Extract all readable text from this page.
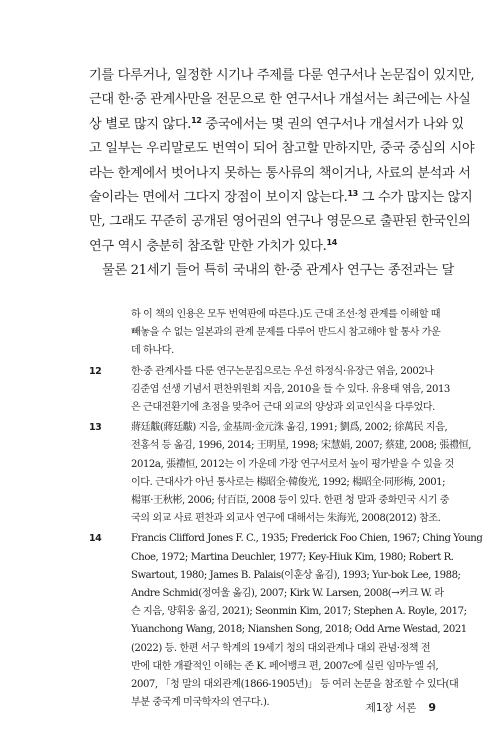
기를 다루거나, 일정한 시기나 주제를 다룬 연구서나 논문집이 있지만,
근대 한·중 관계사만을 전문으로 한 연구서나 개설서는 최근에는 사실
상 별로 많지 않다.$^{12}$ 중국에서는 몇 권의 연구서나 개설서가 나와 있
고 일부는 우리말로도 번역이 되어 참고할 만하지만, 중국 중심의 시야
라는 한계에서 벗어나지 못하는 통사류의 책이거나, 사료의 분석과 서
술이라는 면에서 그다지 장점이 보이지 않는다.$^{13}$ 그 수가 많지는 않지
만, 그래도 꾸준히 공개된 영어권의 연구나 영문으로 출판된 한국인의
연구 역시 충분히 참조할 만한 가치가 있다.$^{14}$
물론 21세기 들어 특히 국내의 한·중 관계사 연구는 종전과는 달
하 이 책의 인용은 모두 번역판에 따른다.)도 근대 조선·청 관계를 이해할 때
빼놓을 수 없는 일본과의 관계 문제를 다루어 반드시 참고해야 할 통사 가운
데 하나다.
12	한·중 관계사를 다룬 연구논문집으로는 우선 하정식·유장근 엮음, 2002나
김준엽 선생 기념서 편찬위원회 지음, 2010을 들 수 있다. 유용태 엮음, 2013
은 근대전환기에 초점을 맞추어 근대 외교의 양상과 외교인식을 다루었다.
13	蔣廷黻(蔣廷黻) 지음, 金基周·金元洙 옮김, 1991; 劉爲, 2002; 徐萬民 지음,
전홍석 등 옮김, 1996, 2014; 王明星, 1998; 宋慧娟, 2007; 蔡建, 2008; 張禮恒,
2012a, 張禮恒, 2012는 이 가운데 가장 연구서로서 높이 평가받을 수 있을 것
이다. 근대사가 아닌 통사로는 楊昭全·韓俊光, 1992; 楊昭全·同形梅, 2001;
楊軍·王秋彬, 2006; 付百臣, 2008 등이 있다. 한편 청 말과 중화민국 시기 중
국의 외교 사료 편찬과 외교사 연구에 대해서는 朱海光, 2008(2012) 참조.
14	Francis Clifford Jones F. C., 1935; Frederick Foo Chien, 1967; Ching Young
Choe, 1972; Martina Deuchler, 1977; Key-Hiuk Kim, 1980; Robert R.
Swartout, 1980; James B. Palais(이훈상 옮김), 1993; Yur-bok Lee, 1988;
Andre Schmid(정여울 옮김), 2007; Kirk W. Larsen, 2008(→커크 W. 라
슨 지음, 양휘웅 옮김, 2021); Seonmin Kim, 2017; Stephen A. Royle, 2017;
Yuanchong Wang, 2018; Nianshen Song, 2018; Odd Arne Westad, 2021
(2022) 등. 한편 서구 학계의 19세기 청의 대외관계나 대외 관념·정책 전
반에 대한 개괄적인 이해는 존 K. 페어뱅크 편, 2007c에 실린 임마누엘 쉬,
2007, 「청 말의 대외관계(1866-1905년)」 등 여러 논문을 참조할 수 있다(대
부분 중국계 미국학자의 연구다.).	제1장 서론 9
